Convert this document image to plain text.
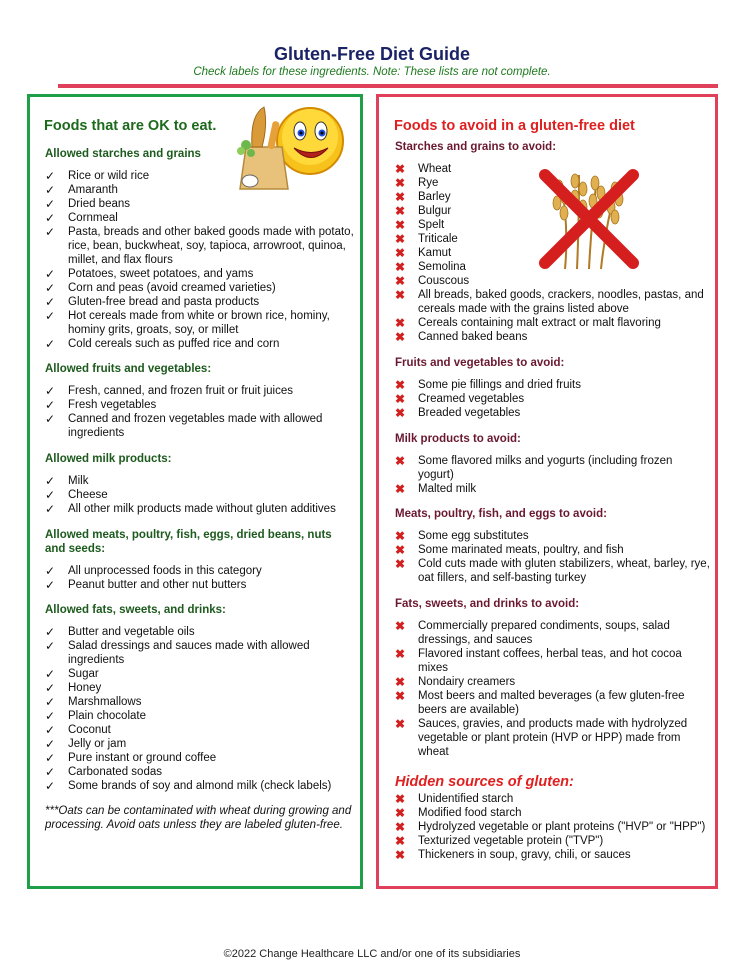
Gluten-Free Diet Guide
Check labels for these ingredients. Note: These lists are not complete.
Foods that are OK to eat.
Allowed starches and grains
✓	Rice or wild rice
✓	Amaranth
✓	Dried beans
✓	Cornmeal
✓	Pasta, breads and other baked goods made with potato, rice, bean, buckwheat, soy, tapioca, arrowroot, quinoa, millet, and flax flours
✓	Potatoes, sweet potatoes, and yams
✓	Corn and peas (avoid creamed varieties)
✓	Gluten-free bread and pasta products
✓	Hot cereals made from white or brown rice, hominy, hominy grits, groats, soy, or millet
✓	Cold cereals such as puffed rice and corn
Allowed fruits and vegetables:
✓	Fresh, canned, and frozen fruit or fruit juices
✓	Fresh vegetables
✓	Canned and frozen vegetables made with allowed ingredients
Allowed milk products:
✓	Milk
✓	Cheese
✓	All other milk products made without gluten additives
Allowed meats, poultry, fish, eggs, dried beans, nuts and seeds:
✓	All unprocessed foods in this category
✓	Peanut butter and other nut butters
Allowed fats, sweets, and drinks:
✓	Butter and vegetable oils
✓	Salad dressings and sauces made with allowed ingredients
✓	Sugar
✓	Honey
✓	Marshmallows
✓	Plain chocolate
✓	Coconut
✓	Jelly or jam
✓	Pure instant or ground coffee
✓	Carbonated sodas
✓	Some brands of soy and almond milk (check labels)
***Oats can be contaminated with wheat during growing and processing. Avoid oats unless they are labeled gluten-free.
Foods to avoid in a gluten-free diet
Starches and grains to avoid:
✖	Wheat
✖	Rye
✖	Barley
✖	Bulgur
✖	Spelt
✖	Triticale
✖	Kamut
✖	Semolina
✖	Couscous
✖	All breads, baked goods, crackers, noodles, pastas, and cereals made with the grains listed above
✖	Cereals containing malt extract or malt flavoring
✖	Canned baked beans
Fruits and vegetables to avoid:
✖	Some pie fillings and dried fruits
✖	Creamed vegetables
✖	Breaded vegetables
Milk products to avoid:
✖	Some flavored milks and yogurts (including frozen yogurt)
✖	Malted milk
Meats, poultry, fish, and eggs to avoid:
✖	Some egg substitutes
✖	Some marinated meats, poultry, and fish
✖	Cold cuts made with gluten stabilizers, wheat, barley, rye, oat fillers, and self-basting turkey
Fats, sweets, and drinks to avoid:
✖	Commercially prepared condiments, soups, salad dressings, and sauces
✖	Flavored instant coffees, herbal teas, and hot cocoa mixes
✖	Nondairy creamers
✖	Most beers and malted beverages (a few gluten-free beers are available)
✖	Sauces, gravies, and products made with hydrolyzed vegetable or plant protein (HVP or HPP) made from wheat
Hidden sources of gluten:
✖	Unidentified starch
✖	Modified food starch
✖	Hydrolyzed vegetable or plant proteins ("HVP" or "HPP")
✖	Texturized vegetable protein ("TVP")
✖	Thickeners in soup, gravy, chili, or sauces
©2022 Change Healthcare LLC and/or one of its subsidiaries
